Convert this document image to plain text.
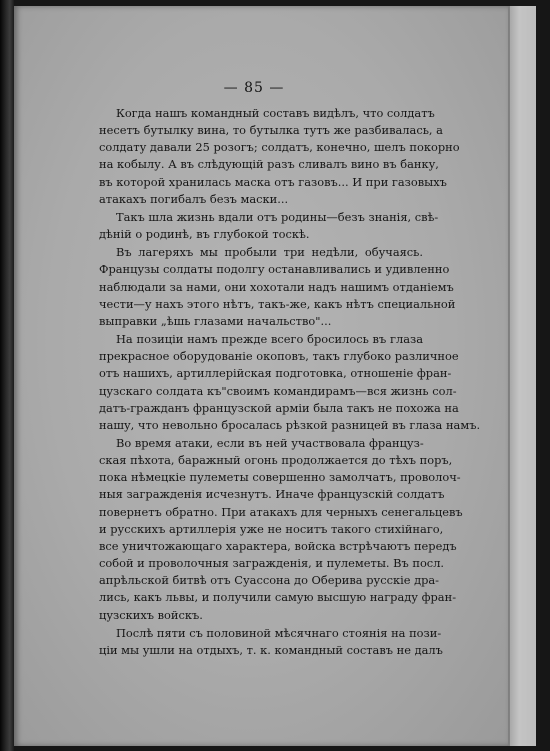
— 85 —
Когда нашъ командный составъ видѣлъ, что солдатъ
несетъ бутылку вина, то бутылка тутъ же разбивалась, а
солдату давали 25 розогъ; солдатъ, конечно, шелъ покорно
на кобылу. А въ слѣдующiй разъ сливалъ вино въ банку,
въ которой хранилась маска отъ газовъ... И при газовыхъ
атакахъ погибалъ безъ маски...
Такъ шла жизнь вдали отъ родины—безъ знанiя, свѣ-
дѣнiй о родинѣ, въ глубокой тоскѣ.
Въ лагеряхъ мы пробыли три недѣли, обучаясь.
Французы солдаты подолгу останавливались и удивленно
наблюдали за нами, они хохотали надъ нашимъ отданiемъ
чести—у нахъ этого нѣтъ, такъ-же, какъ нѣтъ специальной
выправки „ѣшь глазами начальство"...
На позицiи намъ прежде всего бросилось въ глаза
прекрасное оборудованiе окоповъ, такъ глубоко различное
отъ нашихъ, артиллерiйская подготовка, отношенiе фран-
цузскаго солдата къ"своимъ командирамъ—вся жизнь сол-
датъ-гражданъ французской армiи была такъ не похожа на
нашу, что невольно бросалась рѣзкой разницей въ глаза намъ.
Во время атаки, если въ ней участвовала француз-
ская пѣхота, баражный огонь продолжается до тѣхъ поръ,
пока нѣмецкiе пулеметы совершенно замолчатъ, проволоч-
ныя загражденiя исчезнутъ. Иначе французскiй солдатъ
повернетъ обратно. При атакахъ для черныхъ сенегальцевъ
и русскихъ артиллерiя уже не носитъ такого стихiйнаго,
все уничтожающаго характера, войска встрѣчаютъ передъ
собой и проволочныя загражденiя, и пулеметы. Въ посл.
апрѣльской битвѣ отъ Суассона до Оберива русскiе дра-
лись, какъ львы, и получили самую высшую награду фран-
цузскихъ войскъ.
Послѣ пяти съ половиной мѣсячнаго стоянiя на пози-
цiи мы ушли на отдыхъ, т. к. командный составъ не далъ
